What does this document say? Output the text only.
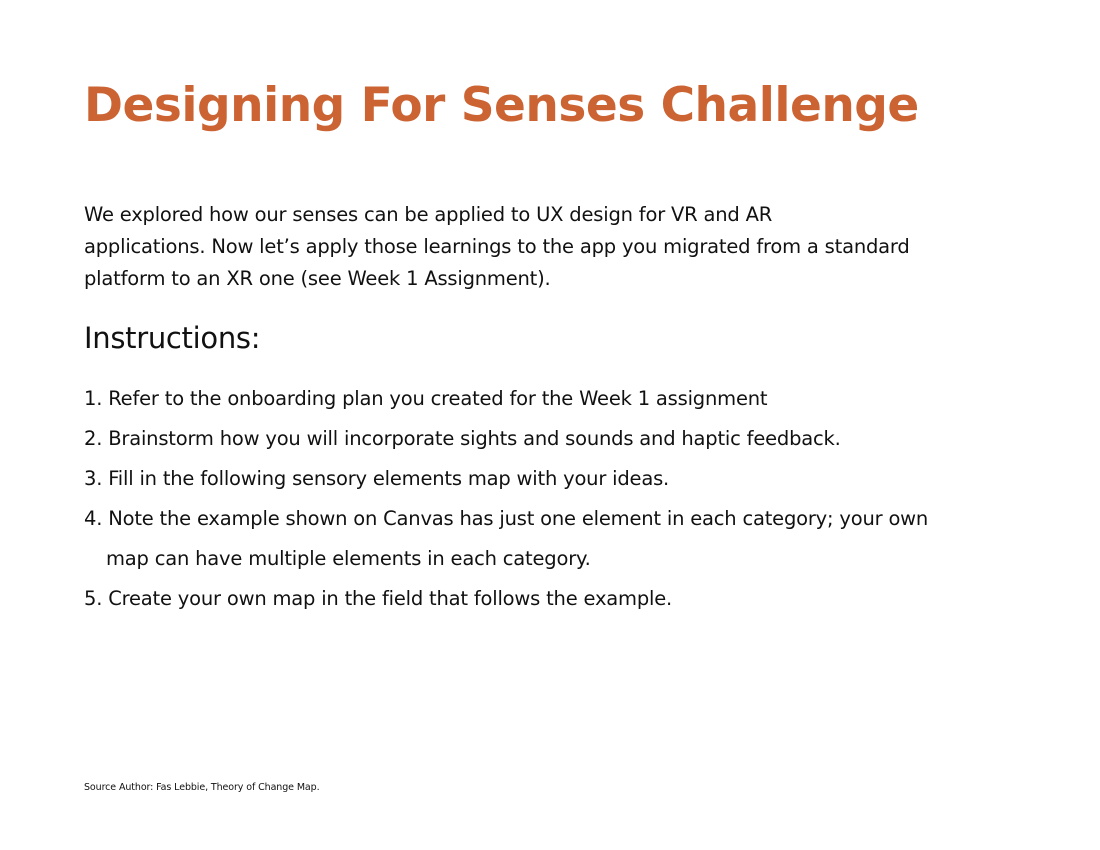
Designing For Senses Challenge

We explored how our senses can be applied to UX design for VR and AR
applications. Now let’s apply those learnings to the app you migrated from a standard
platform to an XR one (see Week 1 Assignment).

Instructions:
1. Refer to the onboarding plan you created for the Week 1 assignment
2. Brainstorm how you will incorporate sights and sounds and haptic feedback.
3. Fill in the following sensory elements map with your ideas.
4. Note the example shown on Canvas has just one element in each category; your own
map can have multiple elements in each category.
5. Create your own map in the field that follows the example.

Source Author: Fas Lebbie, Theory of Change Map.
